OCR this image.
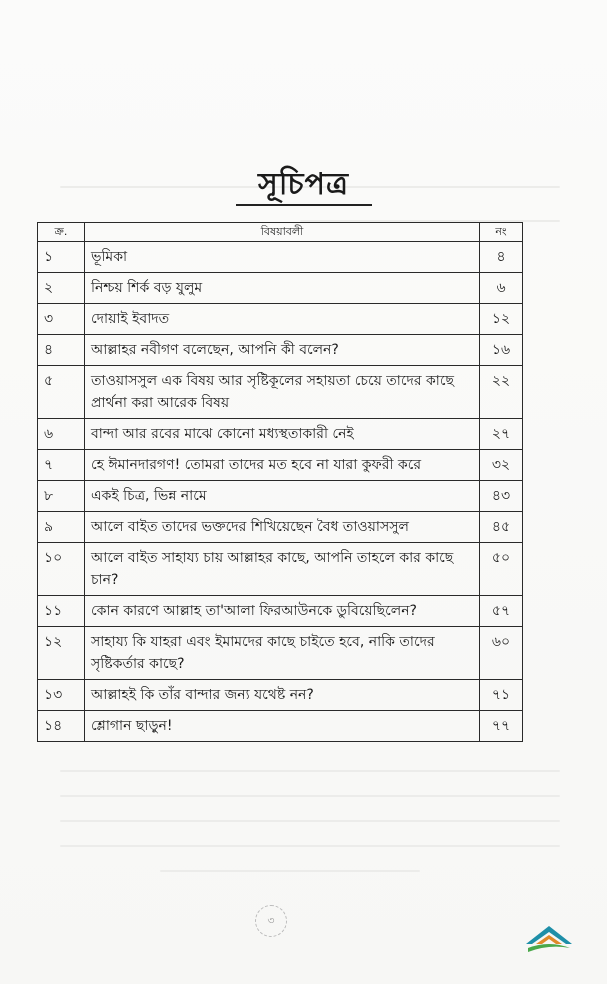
সূচিপত্র
ক্র.	বিষয়াবলী	নং
১	ভূমিকা	৪
২	নিশ্চয় শির্ক বড় যুলুম	৬
৩	দোয়াই ইবাদত	১২
৪	আল্লাহর নবীগণ বলেছেন, আপনি কী বলেন?	১৬
৫	তাওয়াসসুল এক বিষয় আর সৃষ্টিকূলের সহায়তা চেয়ে তাদের কাছে প্রার্থনা করা আরেক বিষয়	২২
৬	বান্দা আর রবের মাঝে কোনো মধ্যস্থতাকারী নেই	২৭
৭	হে ঈমানদারগণ! তোমরা তাদের মত হবে না যারা কুফরী করে	৩২
৮	একই চিত্র, ভিন্ন নামে	৪৩
৯	আলে বাইত তাদের ভক্তদের শিখিয়েছেন বৈধ তাওয়াসসুল	৪৫
১০	আলে বাইত সাহায্য চায় আল্লাহর কাছে, আপনি তাহলে কার কাছে চান?	৫০
১১	কোন কারণে আল্লাহ তা'আলা ফিরআউনকে ডুবিয়েছিলেন?	৫৭
১২	সাহায্য কি যাহরা এবং ইমামদের কাছে চাইতে হবে, নাকি তাদের সৃষ্টিকর্তার কাছে?	৬০
১৩	আল্লাহই কি তাঁর বান্দার জন্য যথেষ্ট নন?	৭১
১৪	শ্লোগান ছাড়ুন!	৭৭
৩
